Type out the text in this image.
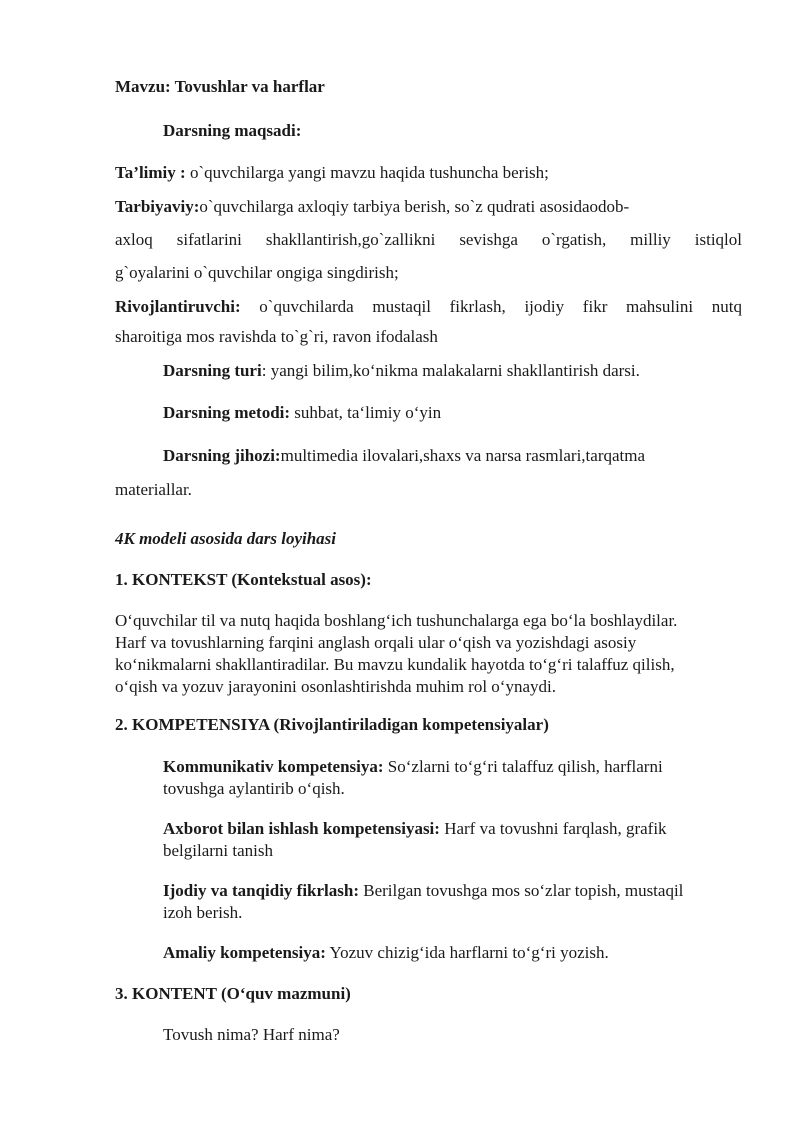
Mavzu: Tovushlar va harflar
Darsning maqsadi:
Ta’limiy : o`quvchilarga yangi mavzu haqida tushuncha berish;
Tarbiyaviy:o`quvchilarga axloqiy tarbiya berish, so`z qudrati asosidaodob-
axloq sifatlarini shakllantirish,go`zallikni sevishga o`rgatish, milliy istiqlol
g`oyalarini o`quvchilar ongiga singdirish;
Rivojlantiruvchi: o`quvchilarda mustaqil fikrlash, ijodiy fikr mahsulini nutq
sharoitiga mos ravishda to`g`ri, ravon ifodalash
Darsning turi: yangi bilim,ko‘nikma malakalarni shakllantirish darsi.
Darsning metodi: suhbat, ta‘limiy o‘yin
Darsning jihozi:multimedia ilovalari,shaxs va narsa rasmlari,tarqatma
materiallar.
4K modeli asosida dars loyihasi
1. KONTEKST (Kontekstual asos):
O‘quvchilar til va nutq haqida boshlang‘ich tushunchalarga ega bo‘la boshlaydilar.
Harf va tovushlarning farqini anglash orqali ular o‘qish va yozishdagi asosiy
ko‘nikmalarni shakllantiradilar. Bu mavzu kundalik hayotda to‘g‘ri talaffuz qilish,
o‘qish va yozuv jarayonini osonlashtirishda muhim rol o‘ynaydi.
2. KOMPETENSIYA (Rivojlantiriladigan kompetensiyalar)
Kommunikativ kompetensiya: So‘zlarni to‘g‘ri talaffuz qilish, harflarni
tovushga aylantirib o‘qish.
Axborot bilan ishlash kompetensiyasi: Harf va tovushni farqlash, grafik
belgilarni tanish
Ijodiy va tanqidiy fikrlash: Berilgan tovushga mos so‘zlar topish, mustaqil
izoh berish.
Amaliy kompetensiya: Yozuv chizig‘ida harflarni to‘g‘ri yozish.
3. KONTENT (O‘quv mazmuni)
Tovush nima? Harf nima?
